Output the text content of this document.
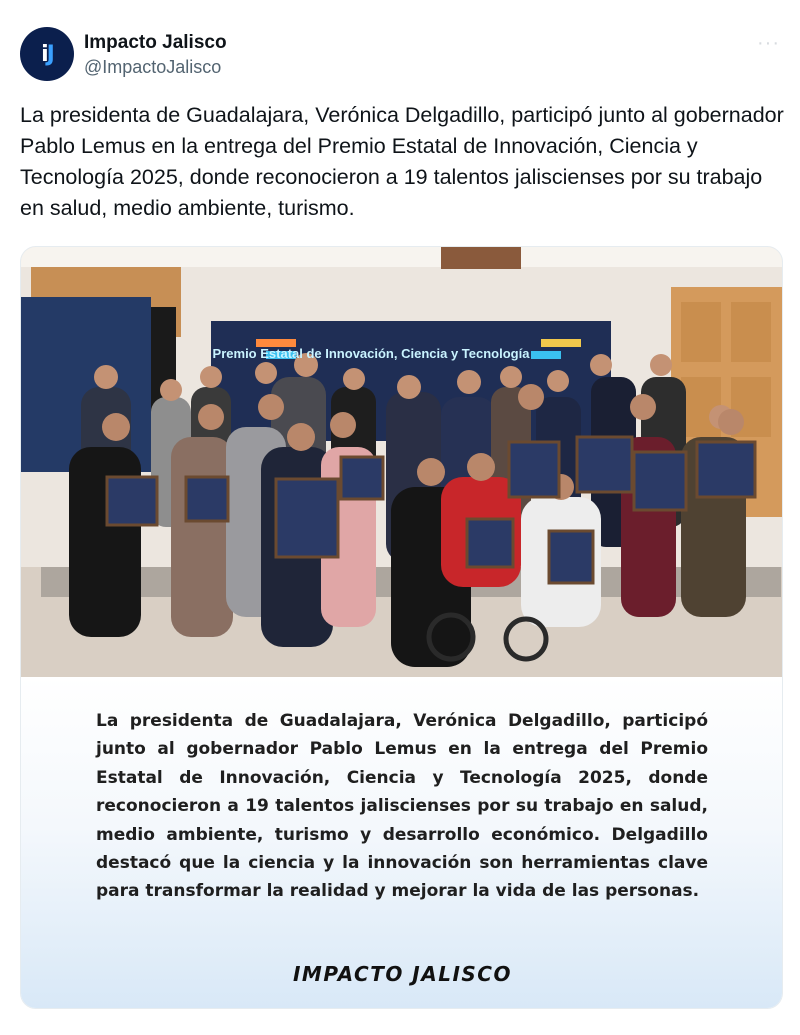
iJ Impacto Jalisco
@ImpactoJalisco
···
La presidenta de Guadalajara, Verónica Delgadillo, participó junto al gobernador Pablo Lemus en la entrega del Premio Estatal de Innovación, Ciencia y Tecnología 2025, donde reconocieron a 19 talentos jaliscienses por su trabajo en salud, medio ambiente, turismo.
Premio Estatal de Innovación, Ciencia y Tecnología
La presidenta de Guadalajara, Verónica Delgadillo, participó junto al gobernador Pablo Lemus en la entrega del Premio Estatal de Innovación, Ciencia y Tecnología 2025, donde reconocieron a 19 talentos jaliscienses por su trabajo en salud, medio ambiente, turismo y desarrollo económico. Delgadillo destacó que la ciencia y la innovación son herramientas clave para transformar la realidad y mejorar la vida de las personas.
IMPACTO JALISCO
